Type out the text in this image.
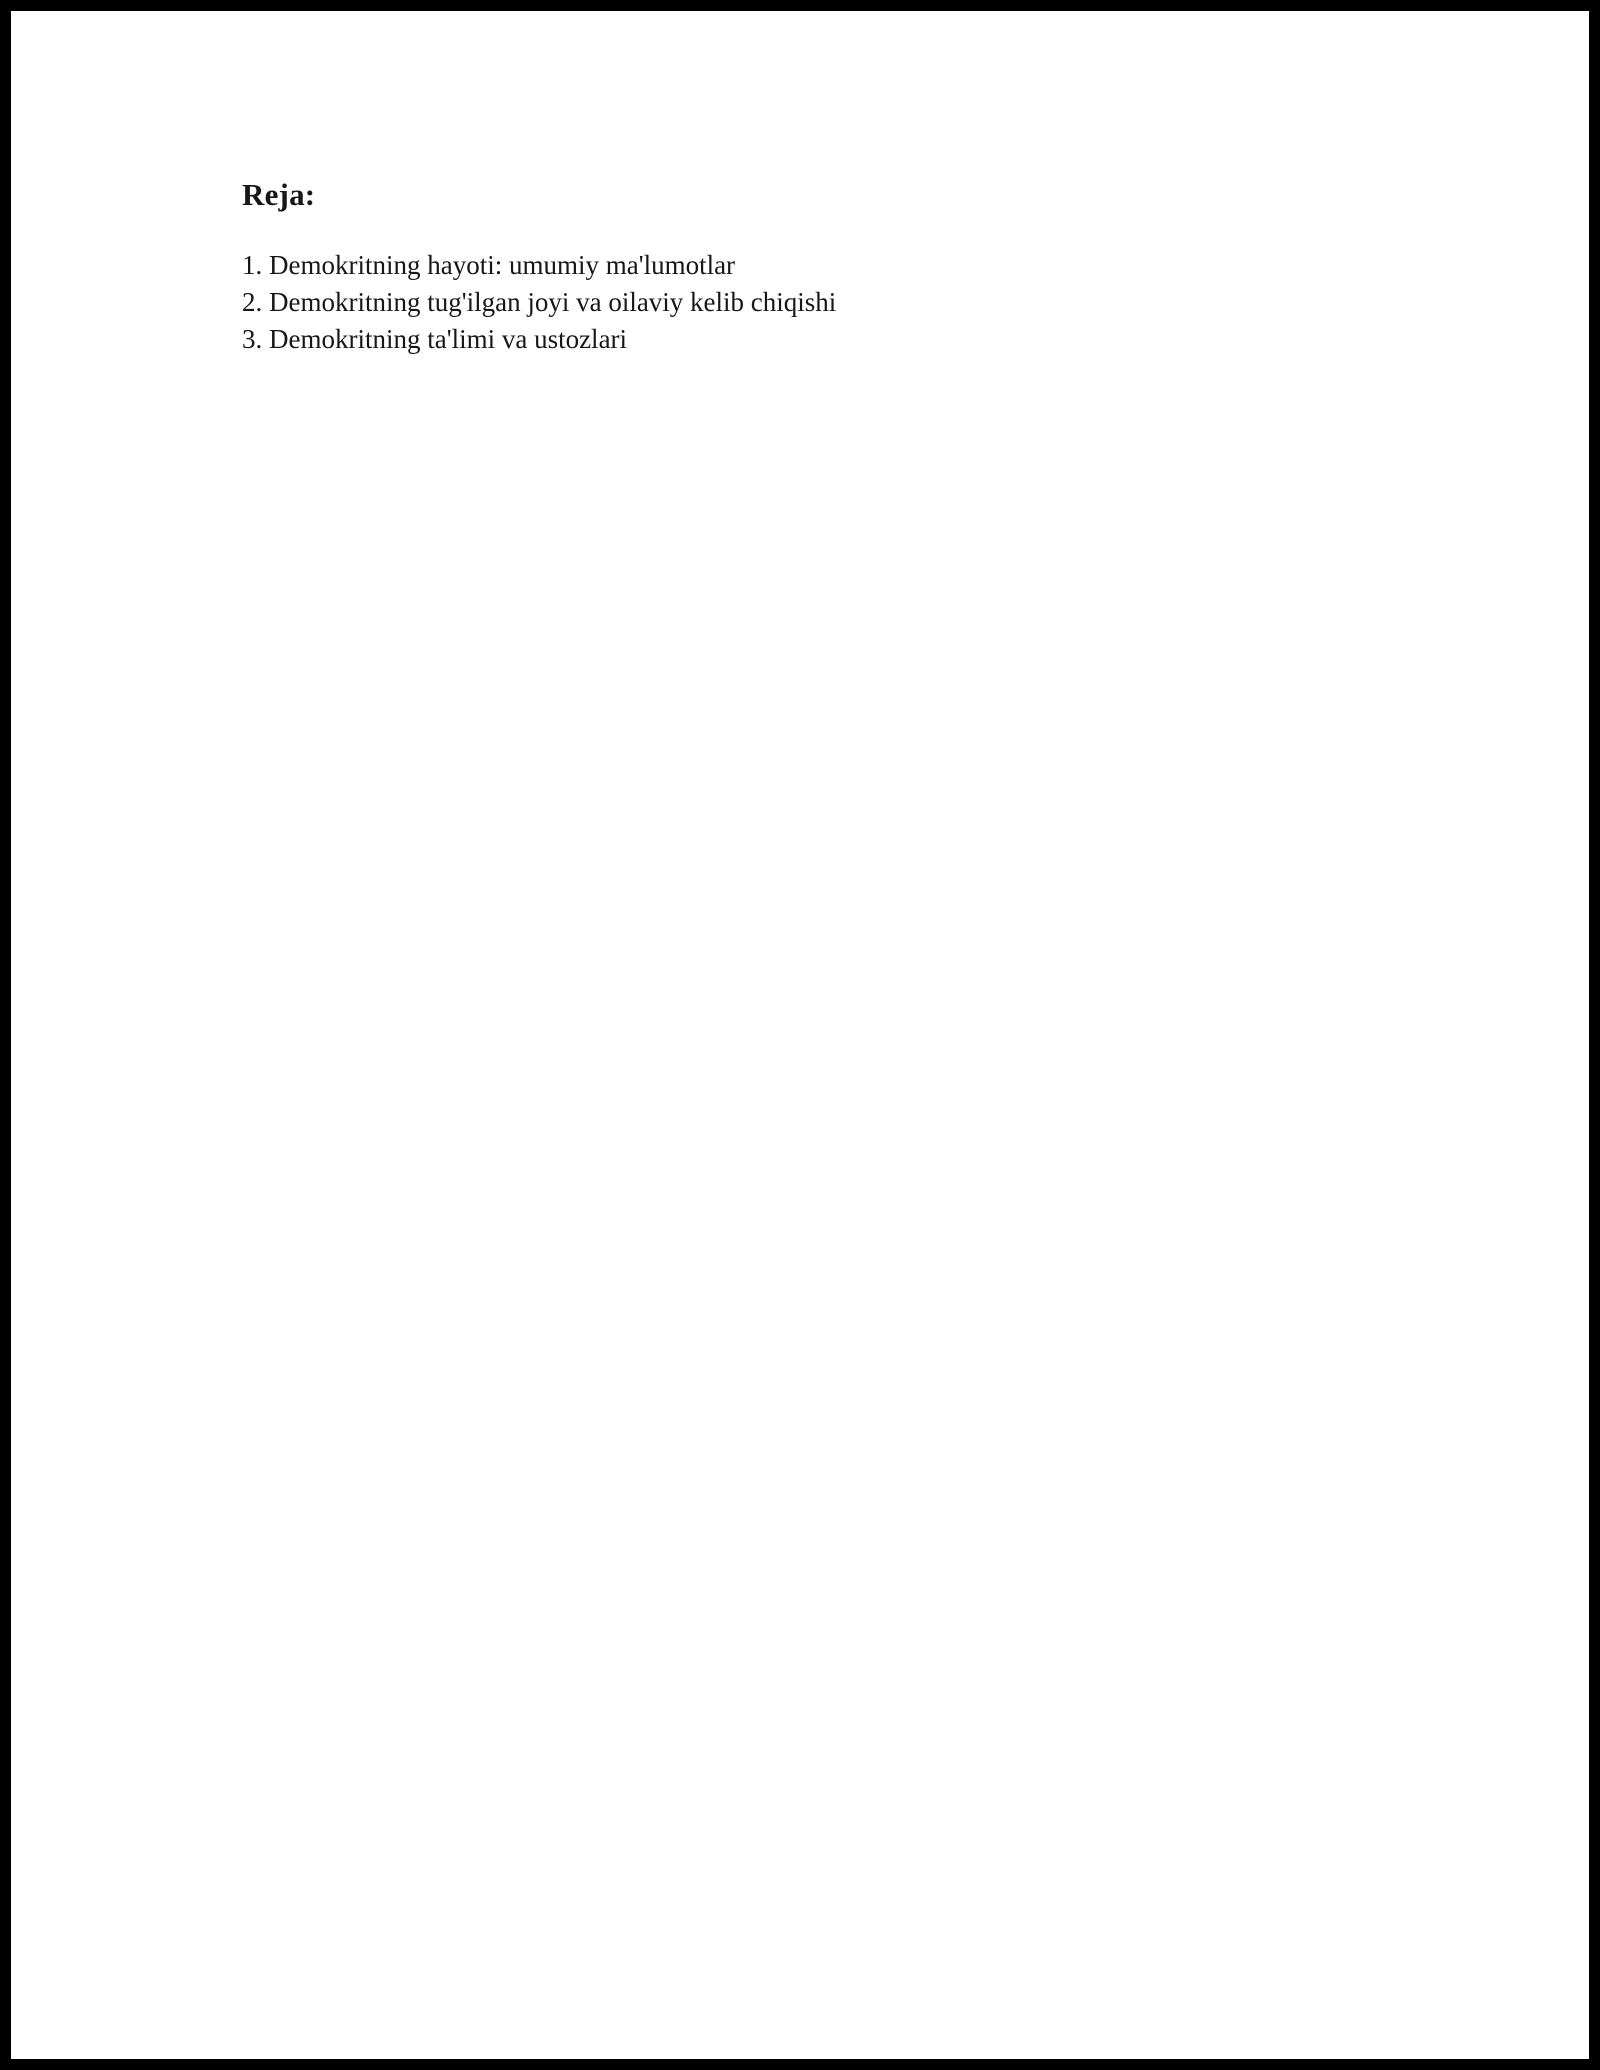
Reja:
1. Demokritning hayoti: umumiy ma'lumotlar
2. Demokritning tug'ilgan joyi va oilaviy kelib chiqishi
3. Demokritning ta'limi va ustozlari
